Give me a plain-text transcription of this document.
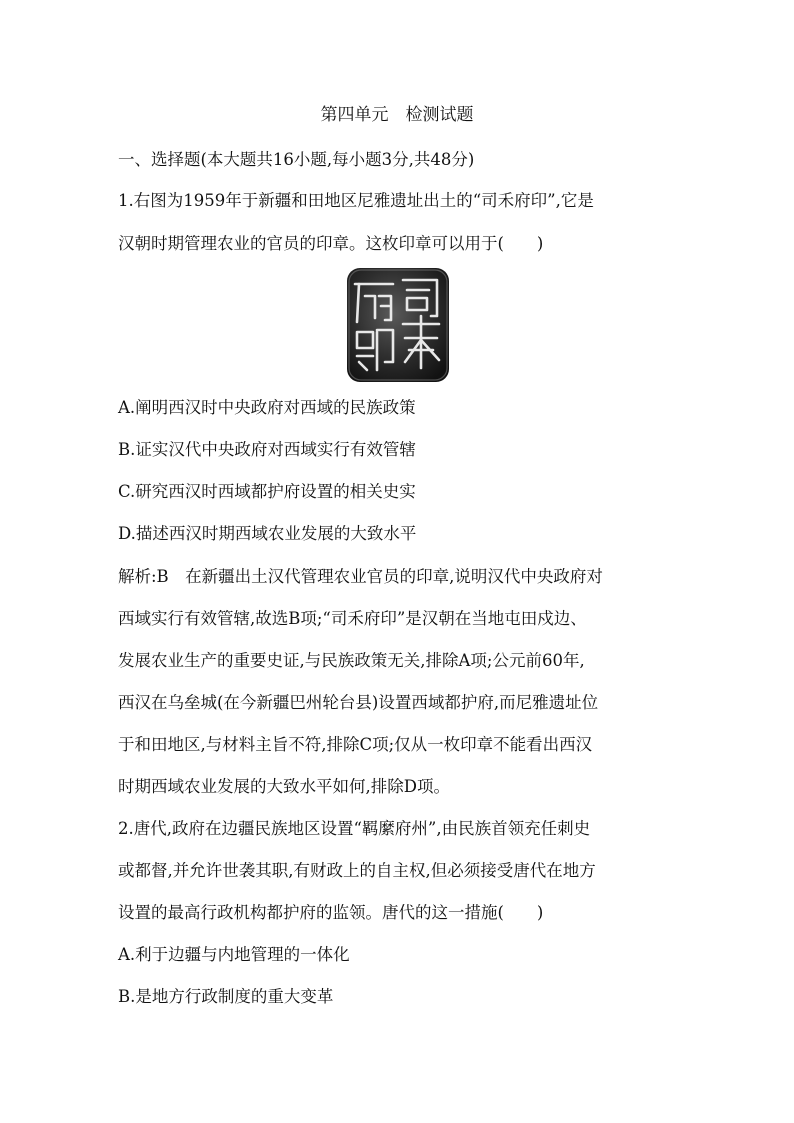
第四单元　检测试题
一、选择题(本大题共16小题,每小题3分,共48分)
1.右图为1959年于新疆和田地区尼雅遗址出土的“司禾府印”,它是
汉朝时期管理农业的官员的印章。这枚印章可以用于(　　)
A.阐明西汉时中央政府对西域的民族政策
B.证实汉代中央政府对西域实行有效管辖
C.研究西汉时西域都护府设置的相关史实
D.描述西汉时期西域农业发展的大致水平
解析:B　在新疆出土汉代管理农业官员的印章,说明汉代中央政府对
西域实行有效管辖,故选B项;“司禾府印”是汉朝在当地屯田戍边、
发展农业生产的重要史证,与民族政策无关,排除A项;公元前60年,
西汉在乌垒城(在今新疆巴州轮台县)设置西域都护府,而尼雅遗址位
于和田地区,与材料主旨不符,排除C项;仅从一枚印章不能看出西汉
时期西域农业发展的大致水平如何,排除D项。
2.唐代,政府在边疆民族地区设置“羁縻府州”,由民族首领充任刺史
或都督,并允许世袭其职,有财政上的自主权,但必须接受唐代在地方
设置的最高行政机构都护府的监领。唐代的这一措施(　　)
A.利于边疆与内地管理的一体化
B.是地方行政制度的重大变革
